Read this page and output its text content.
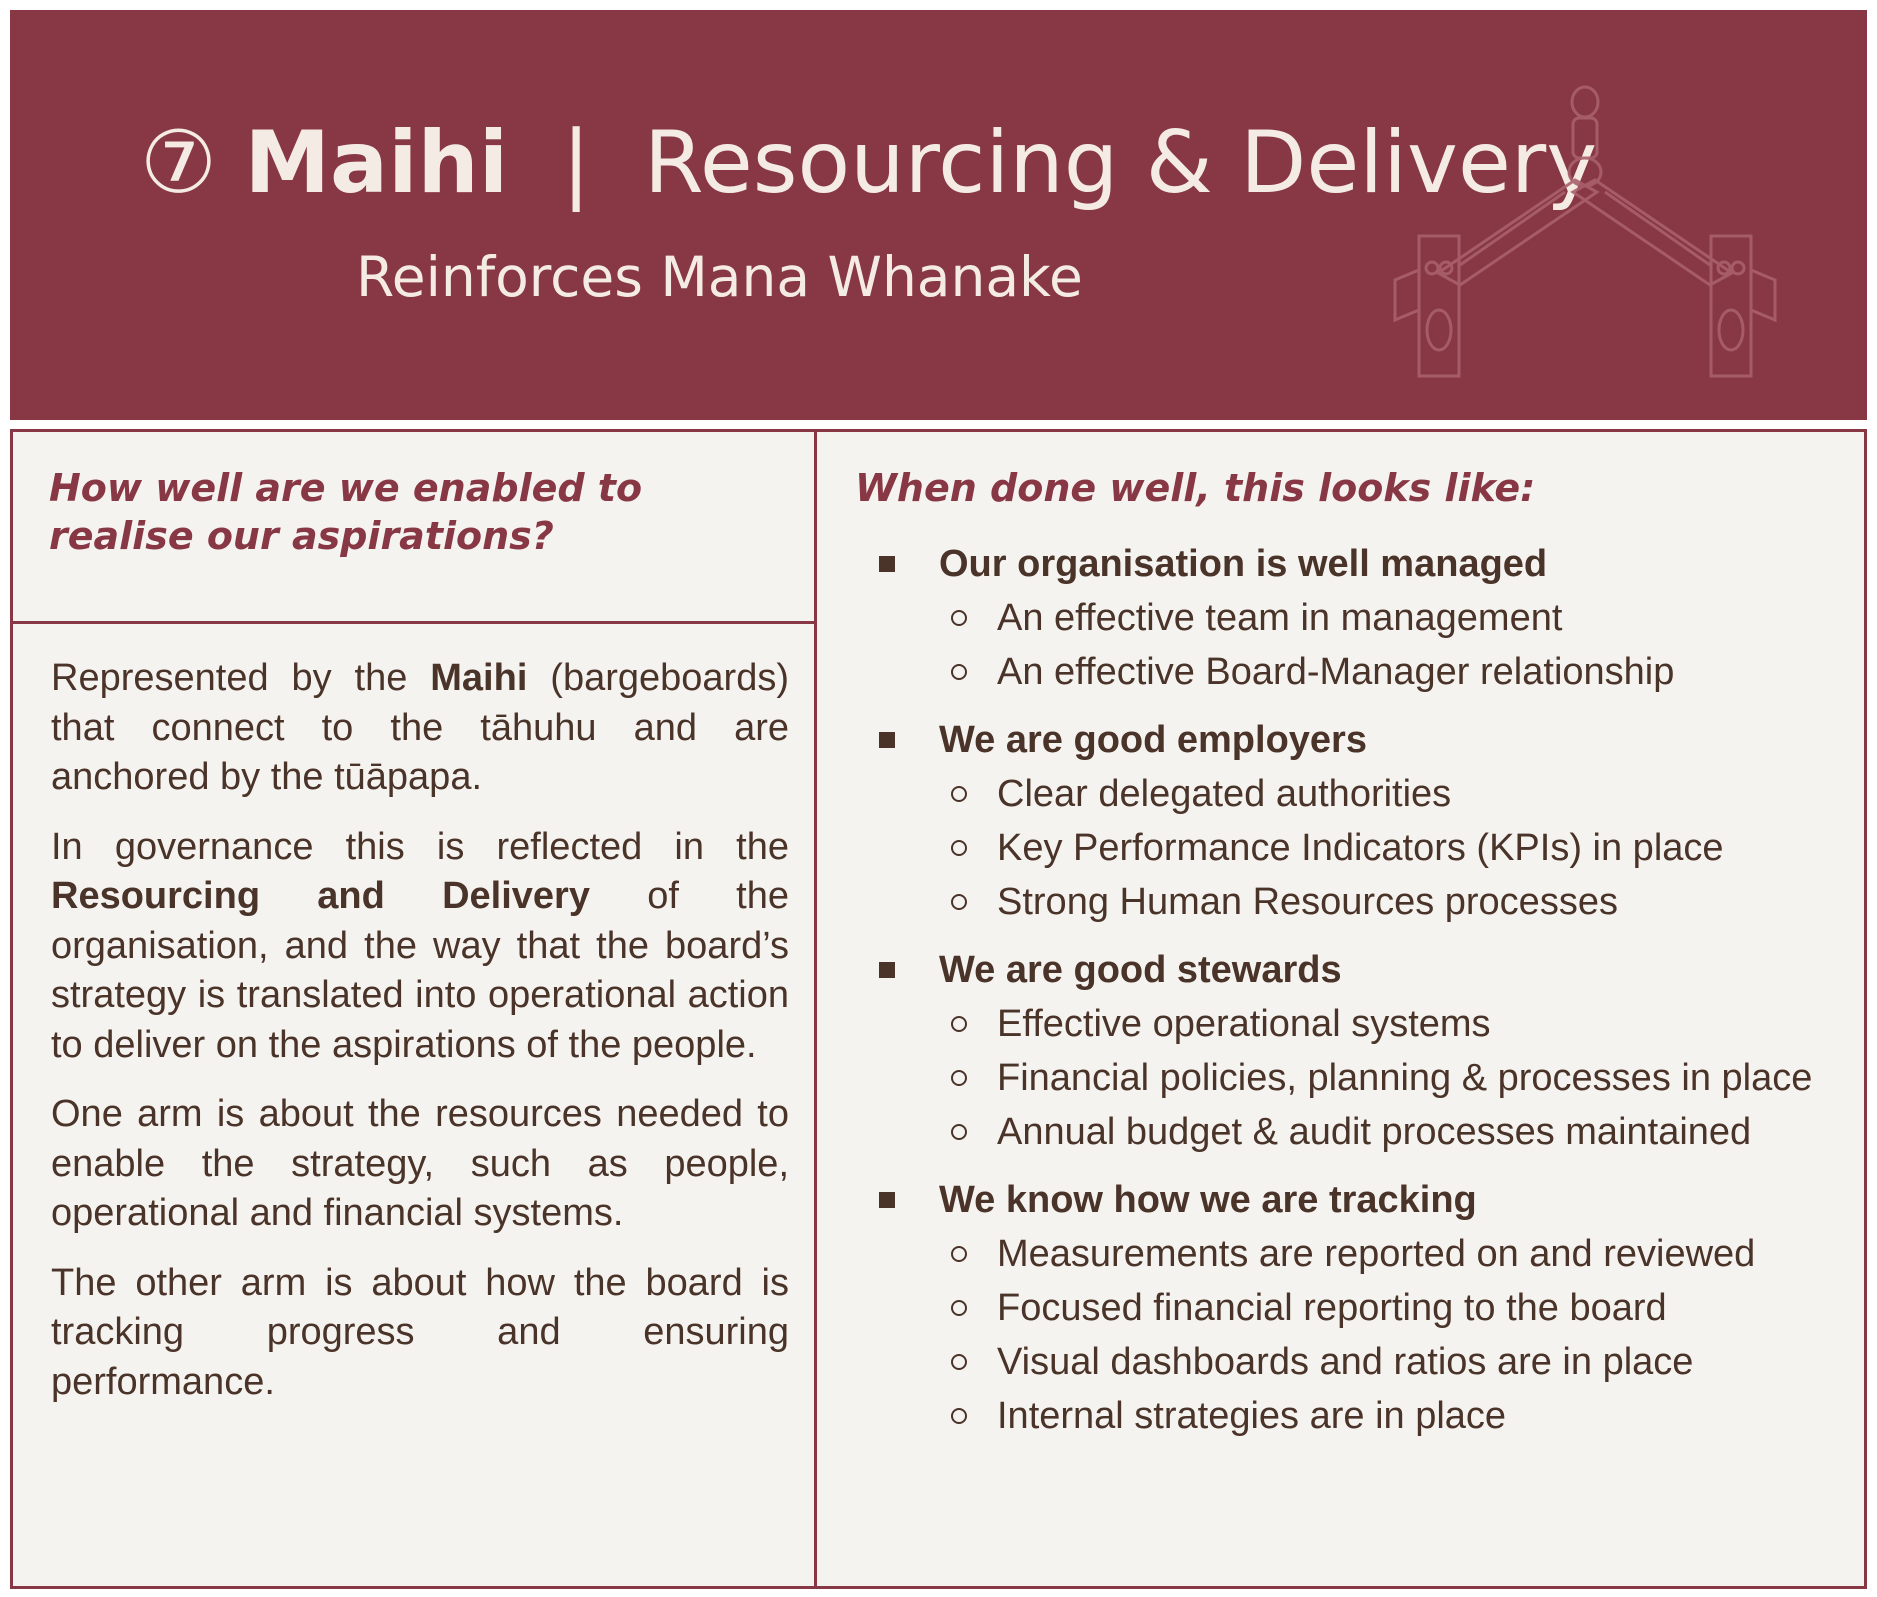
⑦ Maihi | Resourcing & Delivery
Reinforces Mana Whanake

How well are we enabled to realise our aspirations?

Represented by the Maihi (bargeboards) that connect to the tāhuhu and are anchored by the tūāpapa.

In governance this is reflected in the Resourcing and Delivery of the organisation, and the way that the board’s strategy is translated into operational action to deliver on the aspirations of the people.

One arm is about the resources needed to enable the strategy, such as people, operational and financial systems.

The other arm is about how the board is tracking progress and ensuring performance.

When done well, this looks like:

Our organisation is well managed
An effective team in management
An effective Board-Manager relationship
We are good employers
Clear delegated authorities
Key Performance Indicators (KPIs) in place
Strong Human Resources processes
We are good stewards
Effective operational systems
Financial policies, planning & processes in place
Annual budget & audit processes maintained
We know how we are tracking
Measurements are reported on and reviewed
Focused financial reporting to the board
Visual dashboards and ratios are in place
Internal strategies are in place
